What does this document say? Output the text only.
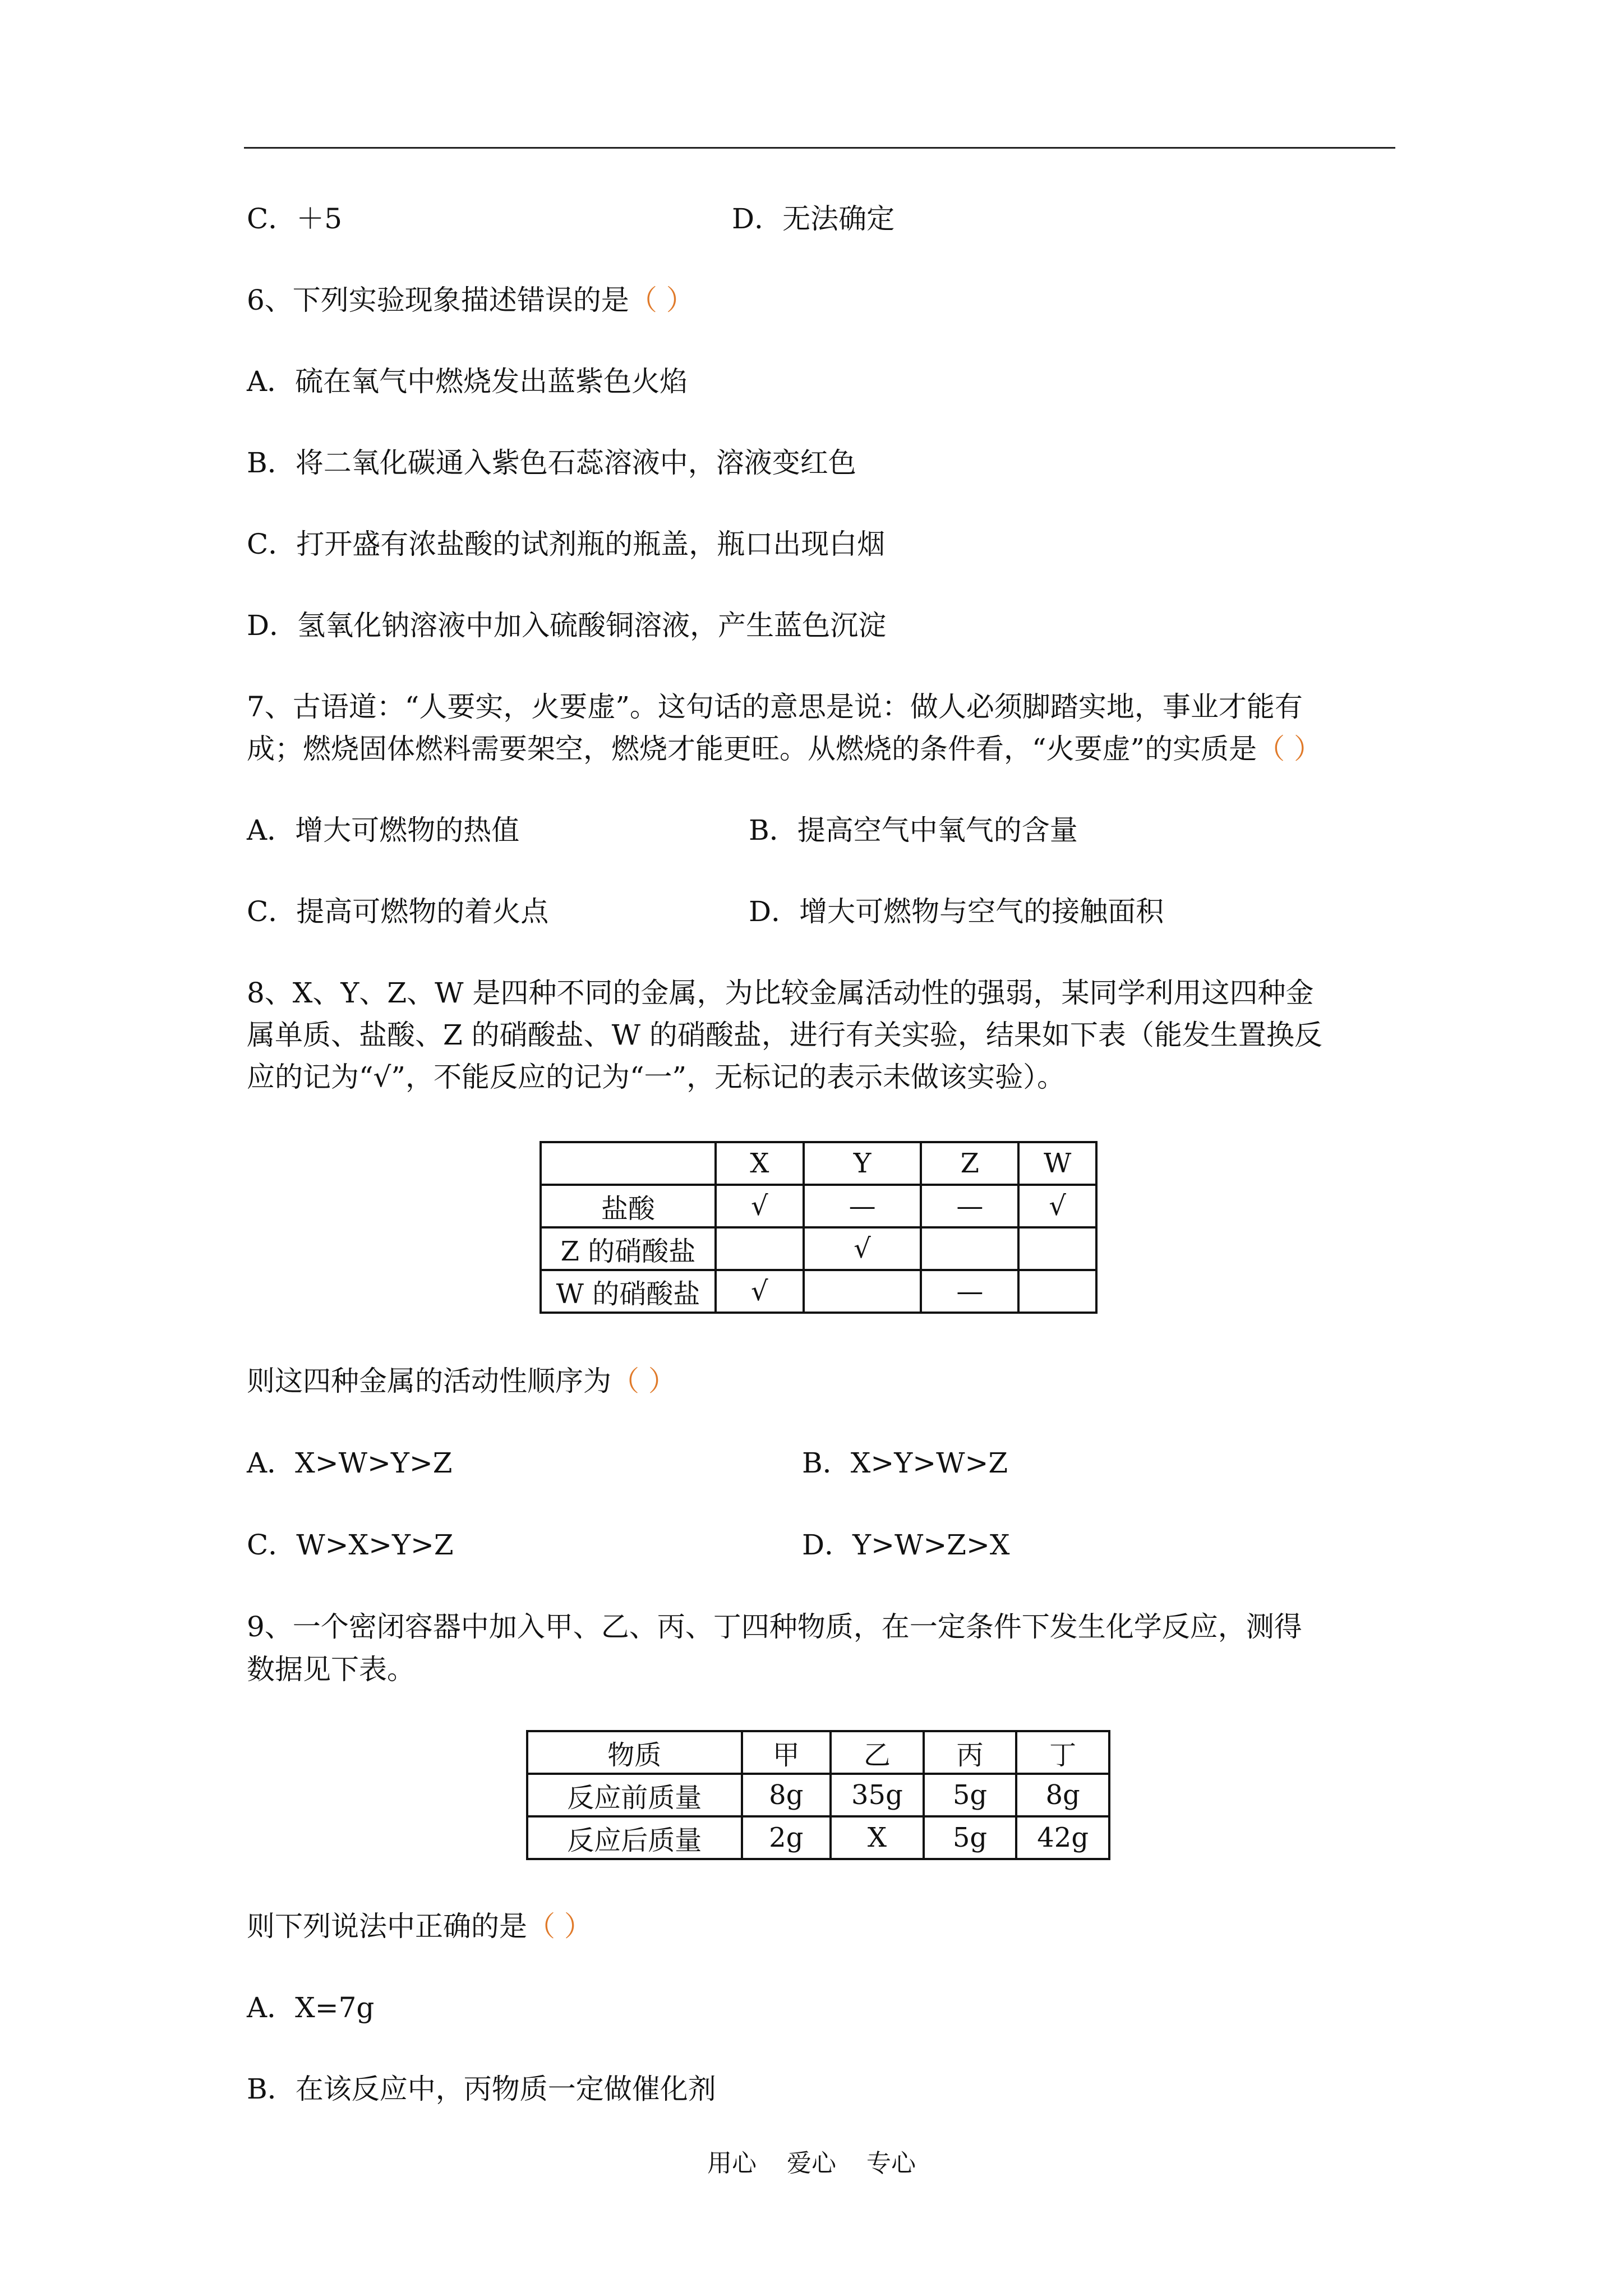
C．＋5	D．无法确定
6、下列实验现象描述错误的是（ ）
A．硫在氧气中燃烧发出蓝紫色火焰
B．将二氧化碳通入紫色石蕊溶液中，溶液变红色
C．打开盛有浓盐酸的试剂瓶的瓶盖，瓶口出现白烟
D．氢氧化钠溶液中加入硫酸铜溶液，产生蓝色沉淀
7、古语道：“人要实，火要虚”。这句话的意思是说：做人必须脚踏实地，事业才能有
成；燃烧固体燃料需要架空，燃烧才能更旺。从燃烧的条件看，“火要虚”的实质是（ ）
A．增大可燃物的热值	B．提高空气中氧气的含量
C．提高可燃物的着火点	D．增大可燃物与空气的接触面积
8、X、Y、Z、W 是四种不同的金属，为比较金属活动性的强弱，某同学利用这四种金
属单质、盐酸、Z 的硝酸盐、W 的硝酸盐，进行有关实验，结果如下表（能发生置换反
应的记为“√”，不能反应的记为“一”，无标记的表示未做该实验）。
	X	Y	Z	W
盐酸	√	—	—	√
Z 的硝酸盐		√		
W 的硝酸盐	√		—	
则这四种金属的活动性顺序为（ ）
A．X>W>Y>Z	B．X>Y>W>Z
C．W>X>Y>Z	D．Y>W>Z>X
9、一个密闭容器中加入甲、乙、丙、丁四种物质，在一定条件下发生化学反应，测得
数据见下表。
物质	甲	乙	丙	丁
反应前质量	8g	35g	5g	8g
反应后质量	2g	X	5g	42g
则下列说法中正确的是（ ）
A．X=7g
B．在该反应中，丙物质一定做催化剂
用心 爱心 专心
